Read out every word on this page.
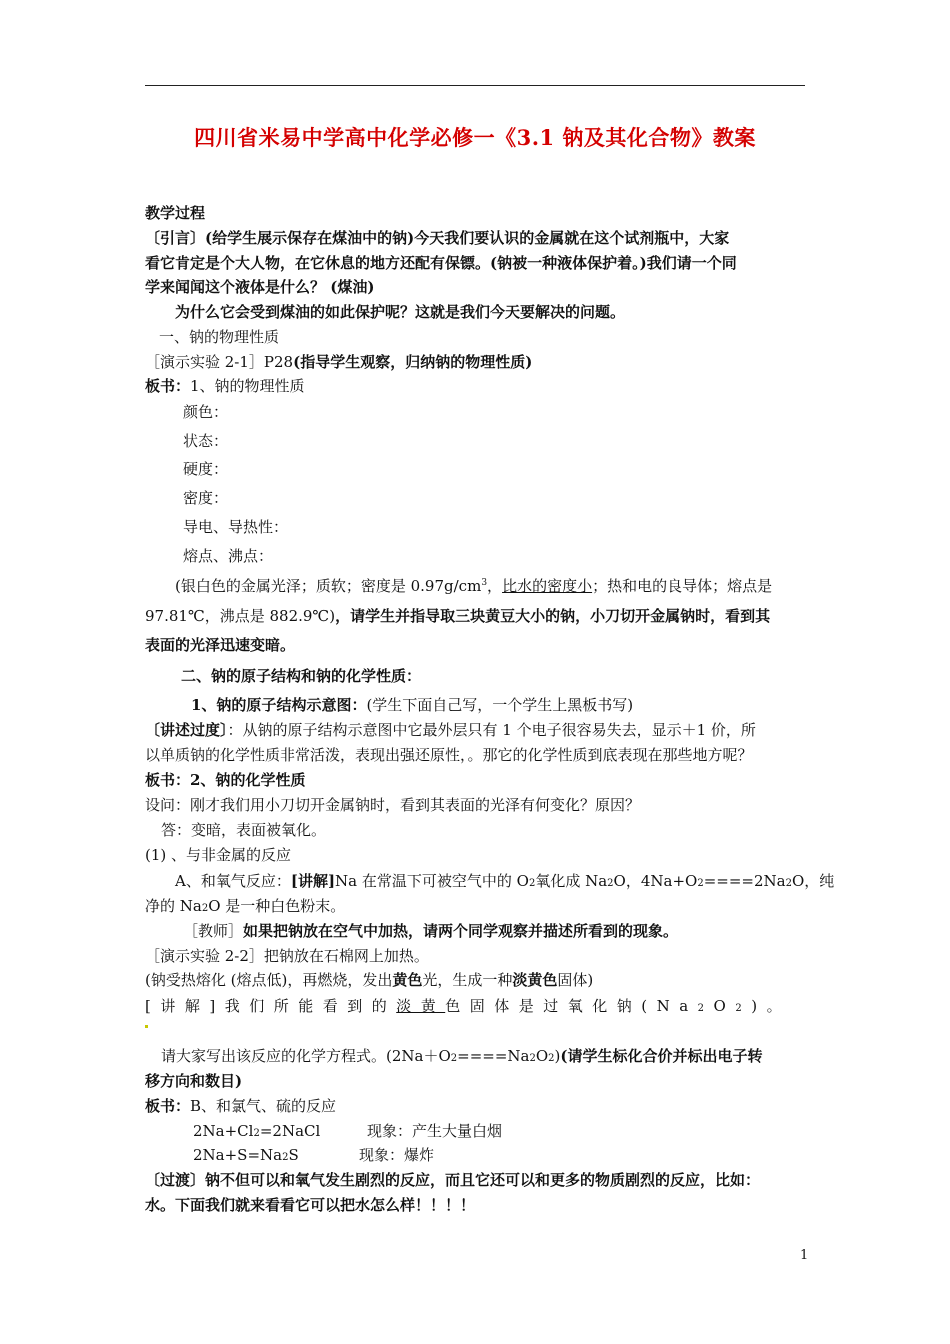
四川省米易中学高中化学必修一《3.1 钠及其化合物》教案
教学过程
〔引言〕(给学生展示保存在煤油中的钠)今天我们要认识的金属就在这个试剂瓶中，大家
看它肯定是个大人物，在它休息的地方还配有保镖。(钠被一种液体保护着。)我们请一个同
学来闻闻这个液体是什么？ (煤油)
为什么它会受到煤油的如此保护呢？这就是我们今天要解决的问题。
一、钠的物理性质
［演示实验 2-1］P28(指导学生观察，归纳钠的物理性质)
板书：1、钠的物理性质
颜色：
状态：
硬度：
密度：
导电、导热性：
熔点、沸点：
(银白色的金属光泽；质软；密度是 $0.97g/cm^3$，比水的密度小；热和电的良导体；熔点是
97.81℃，沸点是 882.9℃)，请学生并指导取三块黄豆大小的钠，小刀切开金属钠时，看到其
表面的光泽迅速变暗。
二、钠的原子结构和钠的化学性质：
1、钠的原子结构示意图：(学生下面自己写，一个学生上黑板书写)
〔讲述过度〕：从钠的原子结构示意图中它最外层只有 1 个电子很容易失去，显示＋1 价，所
以单质钠的化学性质非常活泼，表现出强还原性，。那它的化学性质到底表现在那些地方呢？
板书：2、钠的化学性质
设问：刚才我们用小刀切开金属钠时，看到其表面的光泽有何变化？原因？
答：变暗，表面被氧化。
(1) 、与非金属的反应
A、和氧气反应：[讲解]Na 在常温下可被空气中的 O2氧化成 Na2O，4Na+O2====2Na2O，纯
净的 Na2O 是一种白色粉末。
［教师］如果把钠放在空气中加热，请两个同学观察并描述所看到的现象。
［演示实验 2-2］把钠放在石棉网上加热。
(钠受热熔化 (熔点低)，再燃烧，发出黄色光，生成一种淡黄色固体)
[讲解]我们所能看到的淡黄色固体是过氧化钠(Na2O2)。
请大家写出该反应的化学方程式。(2Na＋O2====Na2O2)(请学生标化合价并标出电子转
移方向和数目)
板书：B、和氯气、硫的反应
2Na+Cl2=2NaCl	现象：产生大量白烟
2Na+S=Na2S	现象：爆炸
〔过渡〕钠不但可以和氧气发生剧烈的反应，而且它还可以和更多的物质剧烈的反应，比如：
水。下面我们就来看看它可以把水怎么样！！！！
1
